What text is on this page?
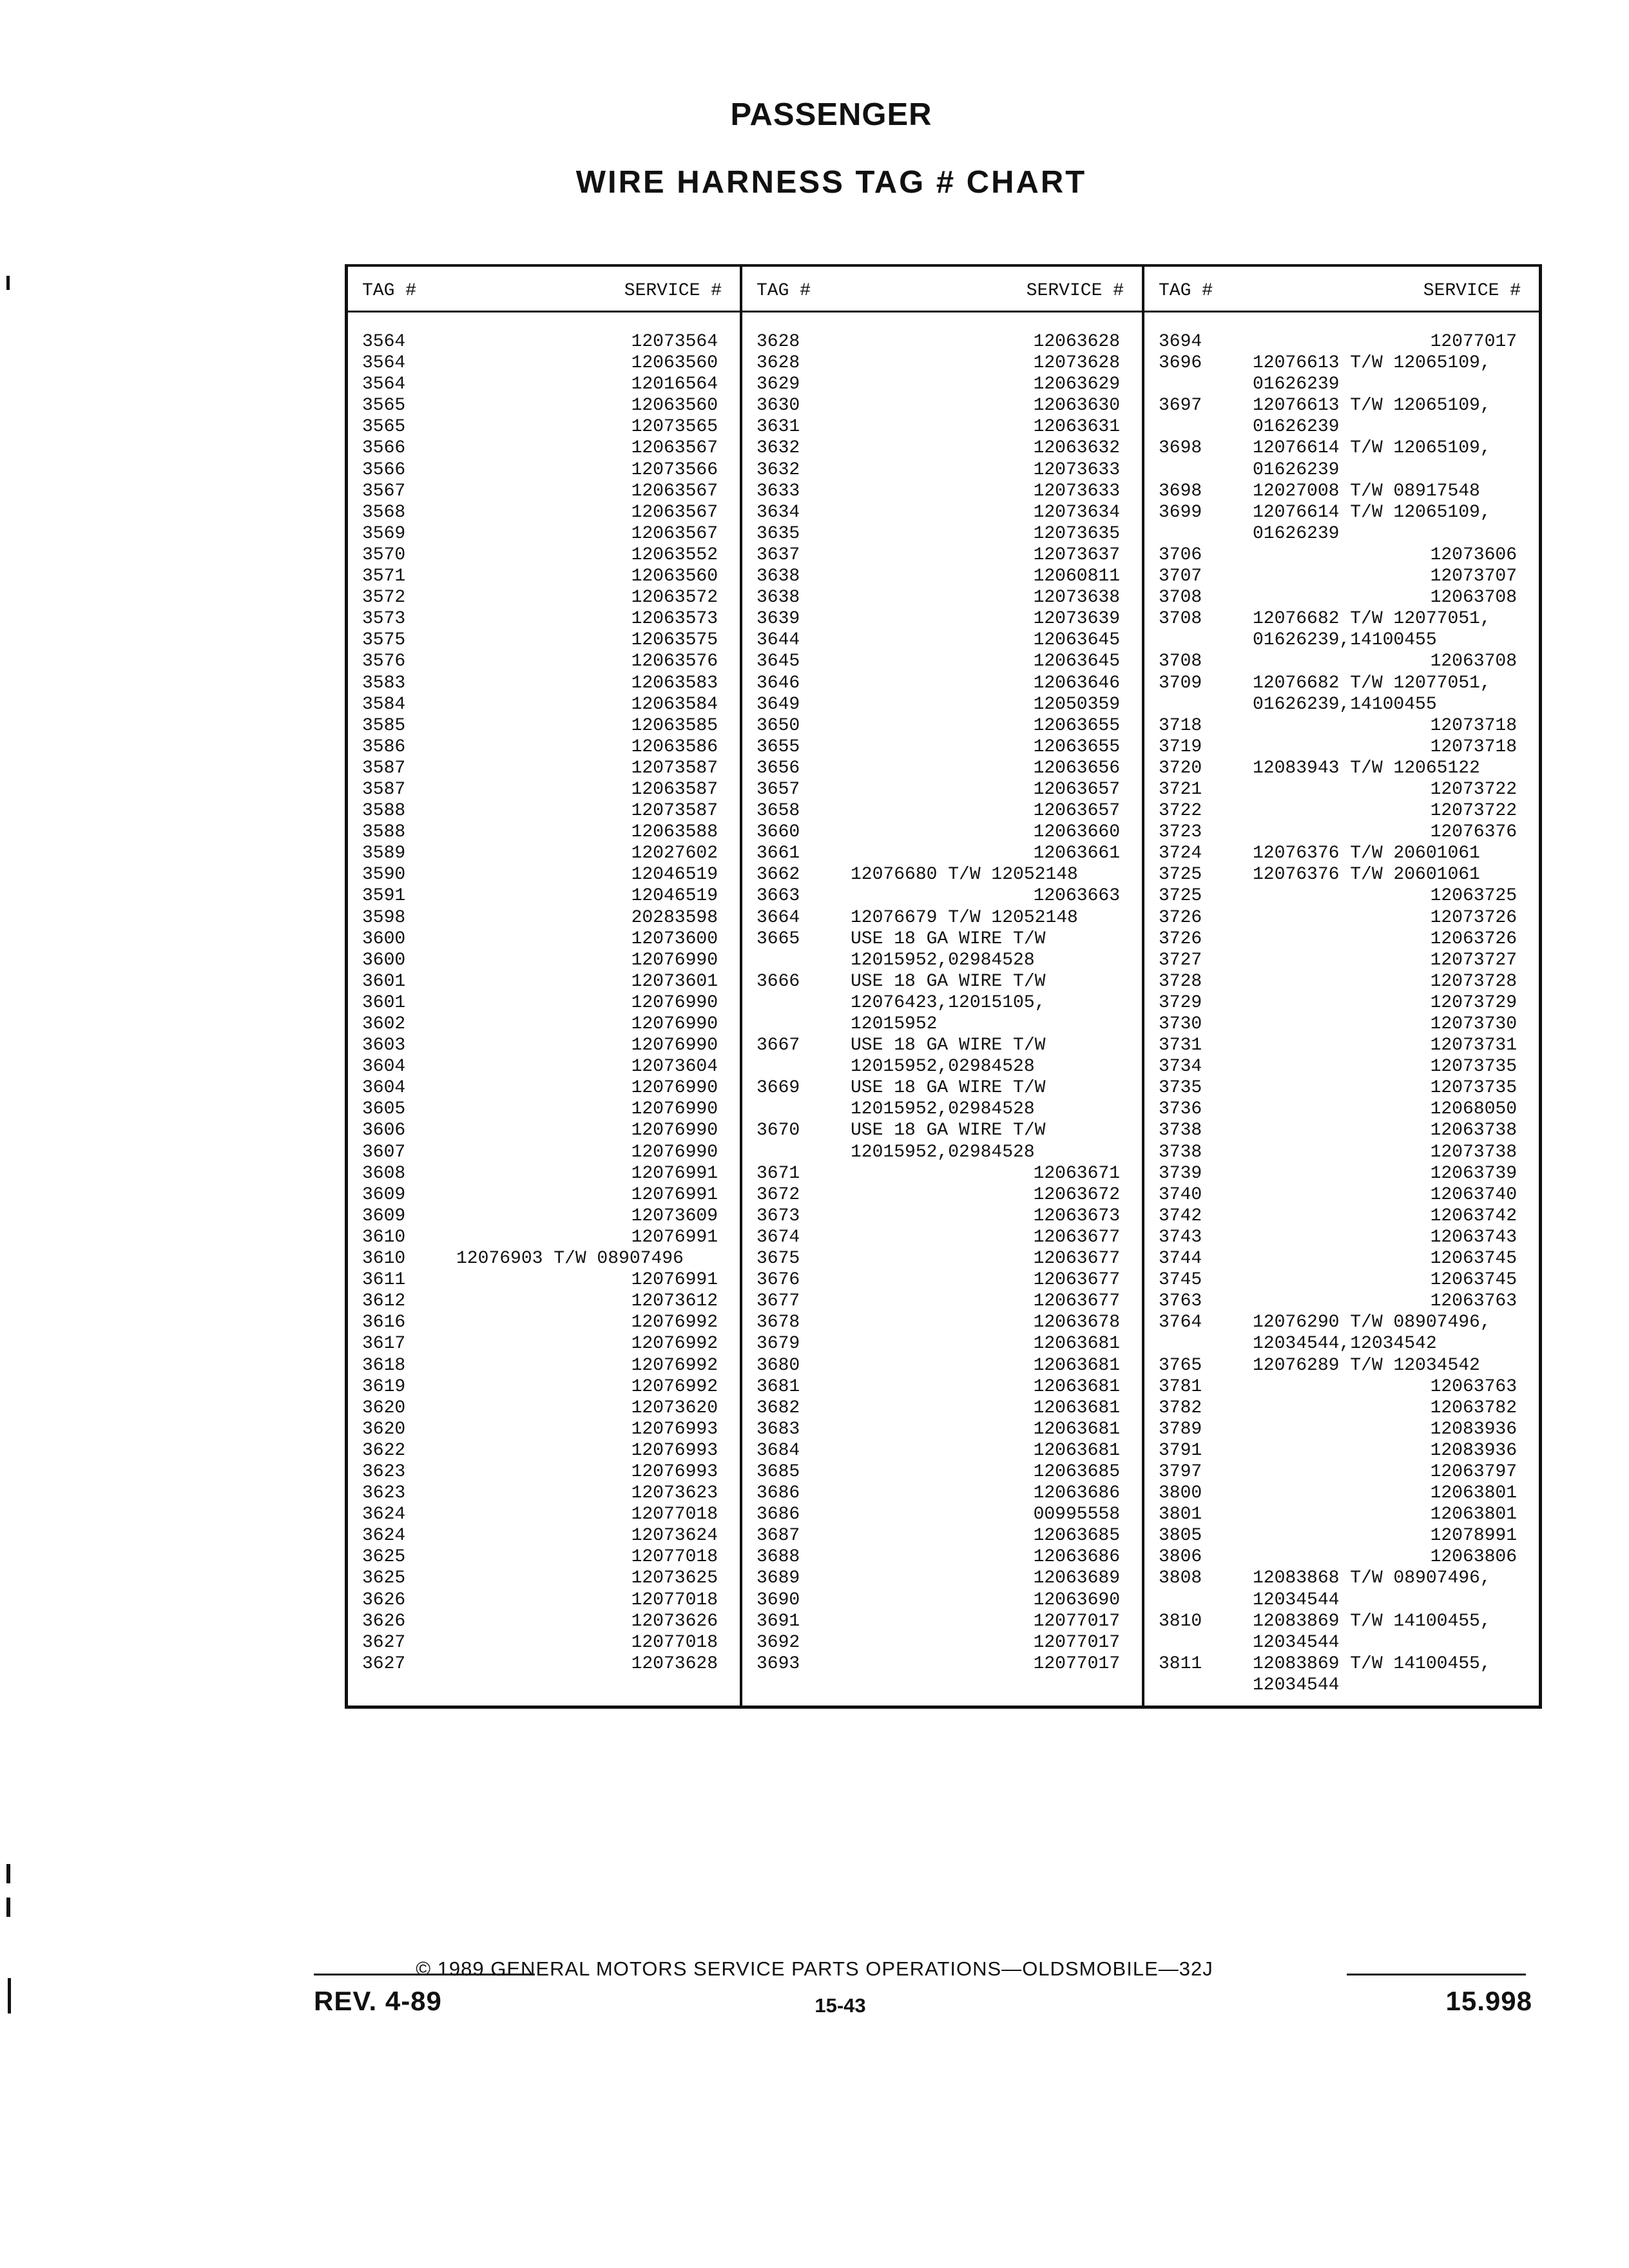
PASSENGER
WIRE HARNESS TAG # CHART
TAG #	SERVICE #
3564	12073564
3564	12063560
3564	12016564
3565	12063560
3565	12073565
3566	12063567
3566	12073566
3567	12063567
3568	12063567
3569	12063567
3570	12063552
3571	12063560
3572	12063572
3573	12063573
3575	12063575
3576	12063576
3583	12063583
3584	12063584
3585	12063585
3586	12063586
3587	12073587
3587	12063587
3588	12073587
3588	12063588
3589	12027602
3590	12046519
3591	12046519
3598	20283598
3600	12073600
3600	12076990
3601	12073601
3601	12076990
3602	12076990
3603	12076990
3604	12073604
3604	12076990
3605	12076990
3606	12076990
3607	12076990
3608	12076991
3609	12076991
3609	12073609
3610	12076991
3610	12076903 T/W 08907496
3611	12076991
3612	12073612
3616	12076992
3617	12076992
3618	12076992
3619	12076992
3620	12073620
3620	12076993
3622	12076993
3623	12076993
3623	12073623
3624	12077018
3624	12073624
3625	12077018
3625	12073625
3626	12077018
3626	12073626
3627	12077018
3627	12073628
TAG #	SERVICE #
3628	12063628
3628	12073628
3629	12063629
3630	12063630
3631	12063631
3632	12063632
3632	12073633
3633	12073633
3634	12073634
3635	12073635
3637	12073637
3638	12060811
3638	12073638
3639	12073639
3644	12063645
3645	12063645
3646	12063646
3649	12050359
3650	12063655
3655	12063655
3656	12063656
3657	12063657
3658	12063657
3660	12063660
3661	12063661
3662	12076680 T/W 12052148
3663	12063663
3664	12076679 T/W 12052148
3665	USE 18 GA WIRE T/W
12015952,02984528
3666	USE 18 GA WIRE T/W
12076423,12015105,
12015952
3667	USE 18 GA WIRE T/W
12015952,02984528
3669	USE 18 GA WIRE T/W
12015952,02984528
3670	USE 18 GA WIRE T/W
12015952,02984528
3671	12063671
3672	12063672
3673	12063673
3674	12063677
3675	12063677
3676	12063677
3677	12063677
3678	12063678
3679	12063681
3680	12063681
3681	12063681
3682	12063681
3683	12063681
3684	12063681
3685	12063685
3686	12063686
3686	00995558
3687	12063685
3688	12063686
3689	12063689
3690	12063690
3691	12077017
3692	12077017
3693	12077017
TAG #	SERVICE #
3694	12077017
3696	12076613 T/W 12065109,
01626239
3697	12076613 T/W 12065109,
01626239
3698	12076614 T/W 12065109,
01626239
3698	12027008 T/W 08917548
3699	12076614 T/W 12065109,
01626239
3706	12073606
3707	12073707
3708	12063708
3708	12076682 T/W 12077051,
01626239,14100455
3708	12063708
3709	12076682 T/W 12077051,
01626239,14100455
3718	12073718
3719	12073718
3720	12083943 T/W 12065122
3721	12073722
3722	12073722
3723	12076376
3724	12076376 T/W 20601061
3725	12076376 T/W 20601061
3725	12063725
3726	12073726
3726	12063726
3727	12073727
3728	12073728
3729	12073729
3730	12073730
3731	12073731
3734	12073735
3735	12073735
3736	12068050
3738	12063738
3738	12073738
3739	12063739
3740	12063740
3742	12063742
3743	12063743
3744	12063745
3745	12063745
3763	12063763
3764	12076290 T/W 08907496,
12034544,12034542
3765	12076289 T/W 12034542
3781	12063763
3782	12063782
3789	12083936
3791	12083936
3797	12063797
3800	12063801
3801	12063801
3805	12078991
3806	12063806
3808	12083868 T/W 08907496,
12034544
3810	12083869 T/W 14100455,
12034544
3811	12083869 T/W 14100455,
12034544
© 1989 GENERAL MOTORS SERVICE PARTS OPERATIONS—OLDSMOBILE—32J
REV. 4-89	15-43	15.998
